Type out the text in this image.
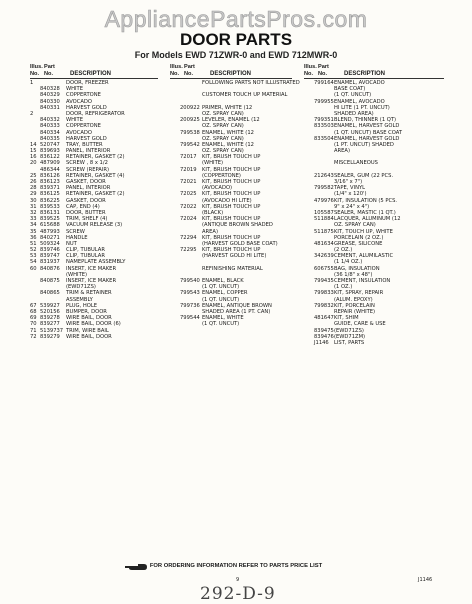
AppliancePartsPros.com
DOOR PARTS
For Models EWD 71ZWR-0 and EWD 712MWR-0
Illus. Part
No. No.	DESCRIPTION
1	DOOR, FREEZER
840328	WHITE
840329	COPPERTONE
840330	AVOCADO
840331	HARVEST GOLD
2	DOOR, REFRIGERATOR
840332	WHITE
840333	COPPERTONE
840334	AVOCADO
840335	HARVEST GOLD
14 520747	TRAY, BUTTER
15 839693	PANEL, INTERIOR
16 836122	RETAINER, GASKET (2)
20 487909	SCREW , 8 x 1/2
486344	SCREW (REPAIR)
25 836126	RETAINER, GASKET (4)
26 836123	GASKET, DOOR
28 839371	PANEL, INTERIOR
29 836125	RETAINER, GASKET (2)
30 836225	GASKET, DOOR
31 839533	CAP, END (4)
32 836131	DOOR, BUTTER
33 839525	TRIM, SHELF (4)
34 615688	VACUUM RELEASE (3)
35 487993	SCREW
36 840271	HANDLE
51 509324	NUT
52 839746	CLIP, TUBULAR
53 839747	CLIP, TUBULAR
54 831937	NAMEPLATE ASSEMBLY
60 840876	INSERT, ICE MAKER
(WHITE)
840875	INSERT, ICE MAKER
(EWD71ZS)
840865	TRIM & RETAINER
ASSEMBLY
67 539927	PLUG, HOLE
68 520156	BUMPER, DOOR
69 839278	WIRE BAIL, DOOR
70 839277	WIRE BAIL, DOOR (6)
71 5139737 TRIM, WIRE BAIL
72 839279	WIRE BAIL, DOOR
Illus. Part
No. No.	DESCRIPTION
FOLLOWING PARTS NOT ILLUSTRATED
CUSTOMER TOUCH UP MATERIAL
200922 PRIMER, WHITE (12
OZ. SPRAY CAN)
200925 LEVELER, ENAMEL (12
OZ. SPRAY CAN)
799538 ENAMEL, WHITE (12
OZ. SPRAY CAN)
799542 ENAMEL, WHITE (12
OZ. SPRAY CAN)
72017	KIT, BRUSH TOUCH UP
(WHITE)
72019	KIT, BRUSH TOUCH UP
(COPPERTONE)
72021	KIT, BRUSH TOUCH UP
(AVOCADO)
72025	KIT, BRUSH TOUCH UP
(AVOCADO HI LITE)
72022	KIT, BRUSH TOUCH UP
(BLACK)
72024	KIT, BRUSH TOUCH UP
(ANTIQUE BROWN SHADED
AREA)
72294	KIT, BRUSH TOUCH UP
(HARVEST GOLD BASE COAT)
72295	KIT, BRUSH TOUCH UP
(HARVEST GOLD HI LITE)
REFINISHING MATERIAL
799540 ENAMEL, BLACK
(1 QT. UNCUT)
799543 ENAMEL, COPPER
(1 QT. UNCUT)
799736 ENAMEL, ANTIQUE BROWN
SHADED AREA (1 PT. CAN)
799544 ENAMEL, WHITE
(1 QT. UNCUT)
Illus. Part
No. No.	DESCRIPTION
799164 ENAMEL, AVOCADO
BASE COAT)
(1 QT. UNCUT)
799955 ENAMEL, AVOCADO
HI LITE (1 PT. UNCUT)
SHADED AREA)
799351 BLEND, THINNER (1 QT)
833503 ENAMEL, HARVEST GOLD
(1 QT. UNCUT) BASE COAT
833504 ENAMEL, HARVEST GOLD
(1 PT. UNCUT) SHADED
AREA)
MISCELLANEOUS
212643 SEALER, GUM (22 PCS.
3/16" x 7")
799582 TAPE, VINYL
(1/4" x 120')
479976 KIT, INSULATION (5 PCS.
9" x 24" x 4")
105587 SEALER, MASTIC (1 QT.)
511884 LACQUER, ALUMINUM (12
OZ. SPRAY CAN)
511875 KIT, TOUCH UP, WHITE
PORCELAIN (2 OZ.)
481634 GREASE, SILICONE
(2 OZ.)
342639 CEMENT, ALUMILASTIC
(1 1/4 OZ.)
606755 BAG, INSULATION
(36 1/8" x 48")
799435 CEMENT, INSULATION
(1 OZ.)
799833 KIT, SPRAY, REPAIR
(ALUM. EPOXY)
799832 KIT, PORCELAIN
REPAIR (WHITE)
481647 KIT, SHIM
GUIDE, CARE & USE
839475 (EWD71ZS)
839476 (EWD71ZM)
J1146	LIST, PARTS
FOR ORDERING INFORMATION REFER TO PARTS PRICE LIST
9	J1146
292-D-9
